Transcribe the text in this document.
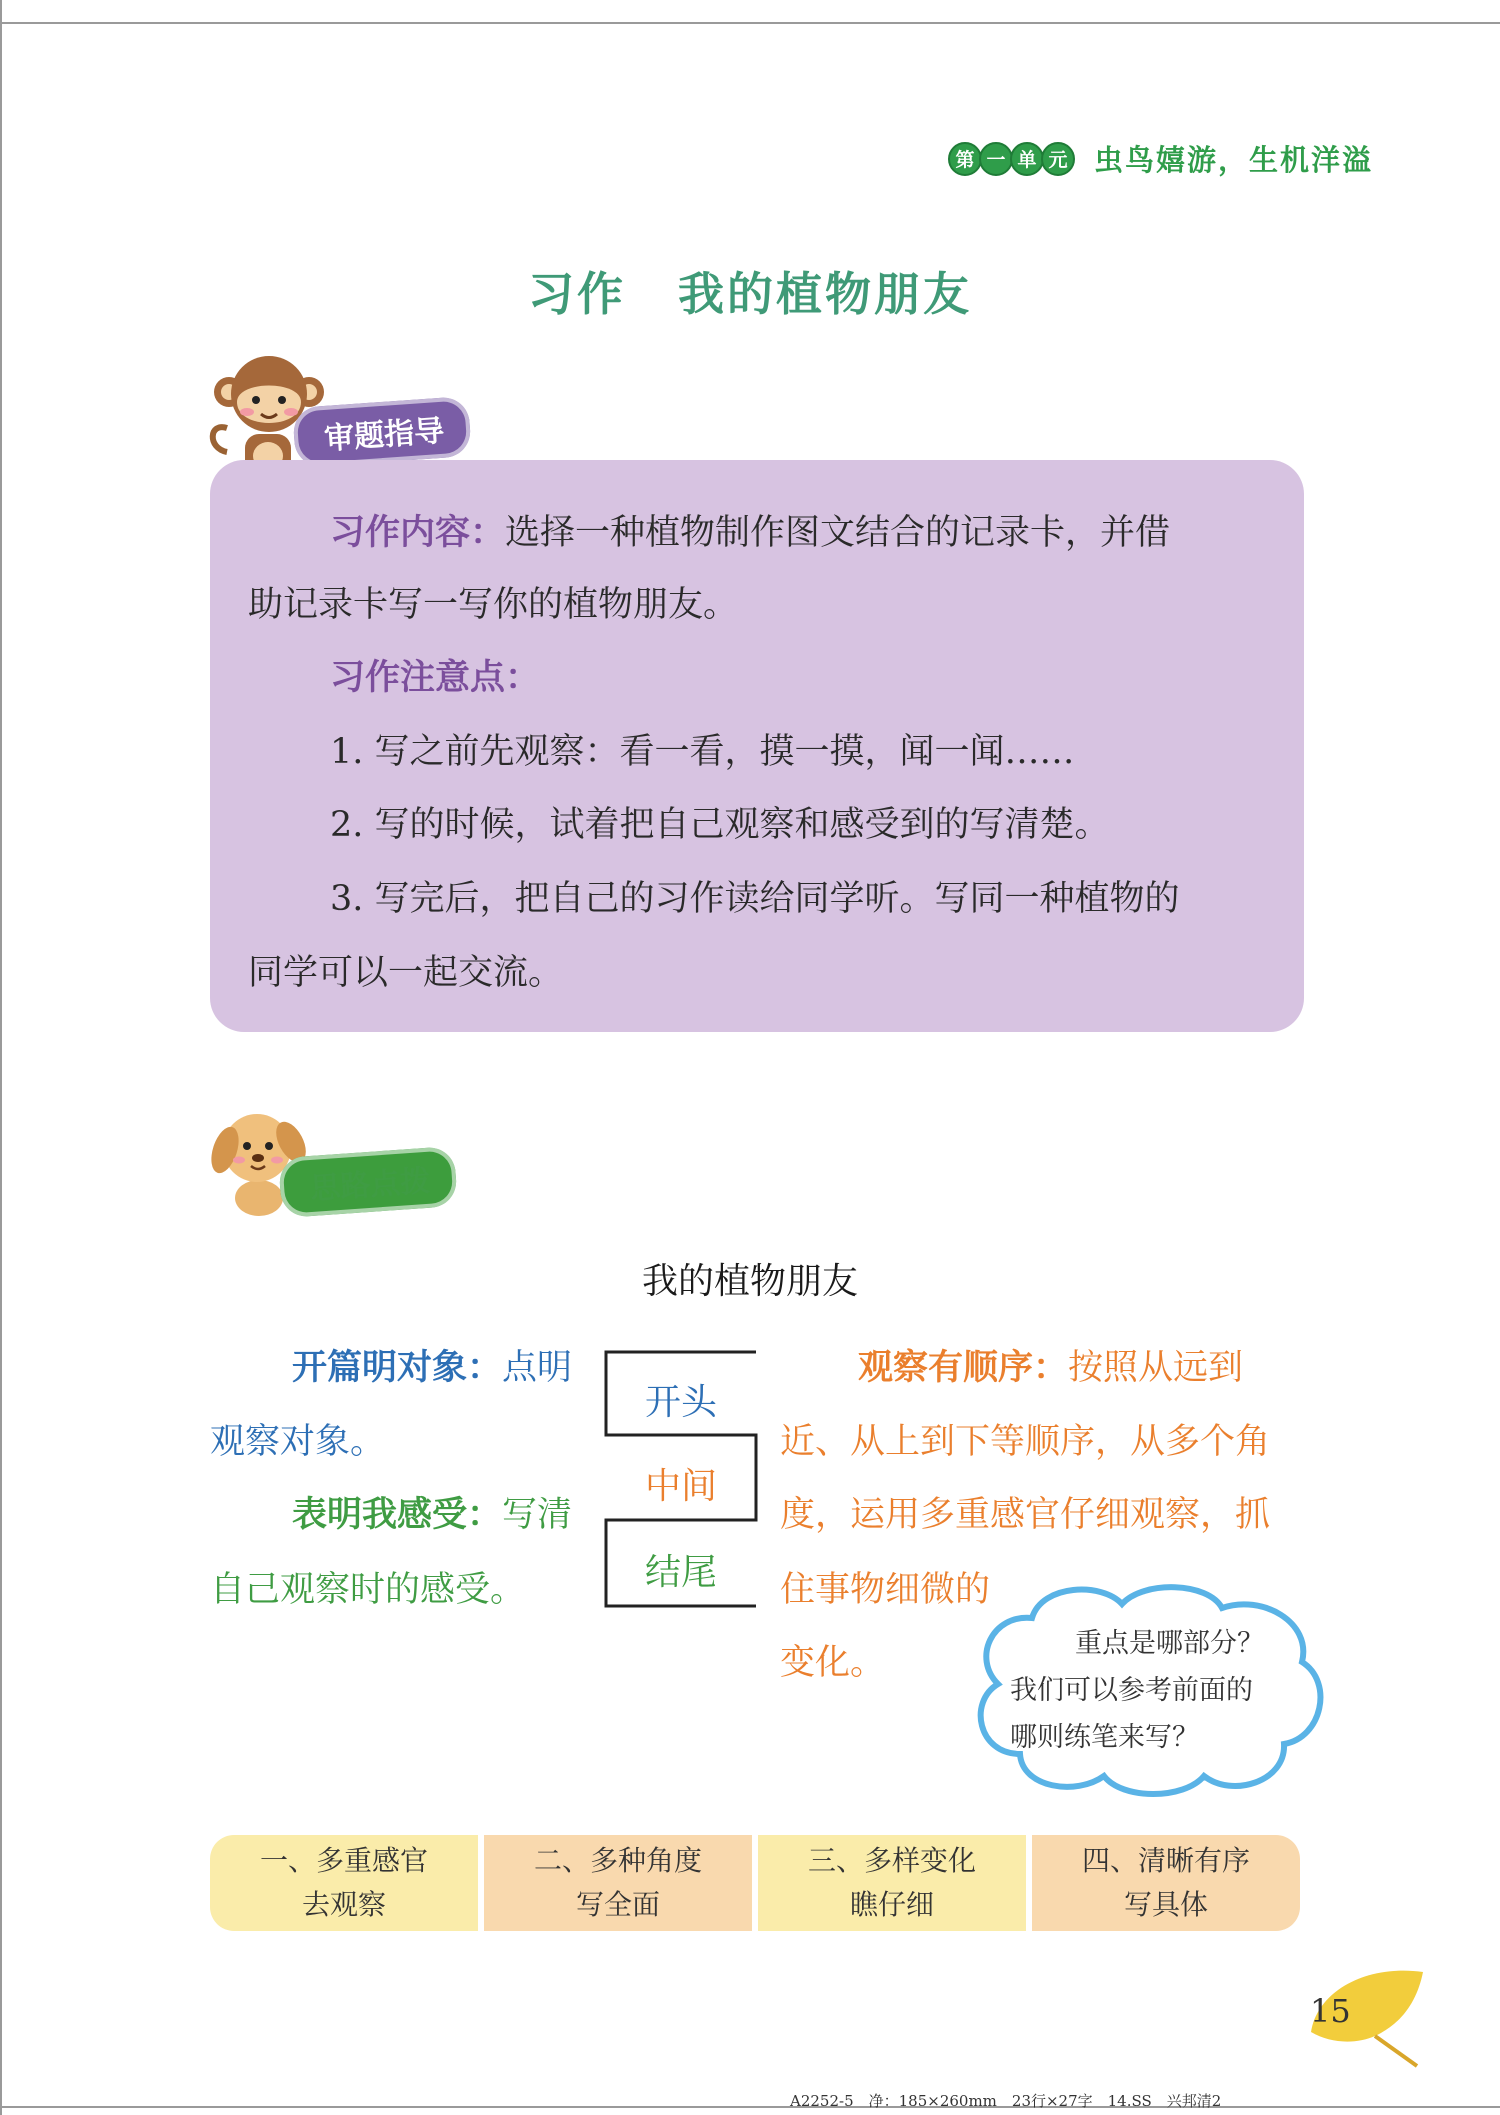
第 一 单 元 虫鸟嬉游，生机洋溢
习作 我的植物朋友
审题指导
习作内容：选择一种植物制作图文结合的记录卡，并借
助记录卡写一写你的植物朋友。
习作注意点：
1. 写之前先观察：看一看，摸一摸，闻一闻……
2. 写的时候，试着把自己观察和感受到的写清楚。
3. 写完后，把自己的习作读给同学听。写同一种植物的
同学可以一起交流。
思路点拨
我的植物朋友
开篇明对象：点明
观察对象。
表明我感受：写清
自己观察时的感受。
开头
中间
结尾
观察有顺序：按照从远到
近、从上到下等顺序，从多个角
度，运用多重感官仔细观察，抓
住事物细微的
变化。	重点是哪部分？
我们可以参考前面的
哪则练笔来写？
一、多重感官
去观察
二、多种角度
写全面
三、多样变化
瞧仔细
四、清晰有序
写具体
15
A2252-5　净：185×260mm　23行×27字　14.SS　兴邦清2
